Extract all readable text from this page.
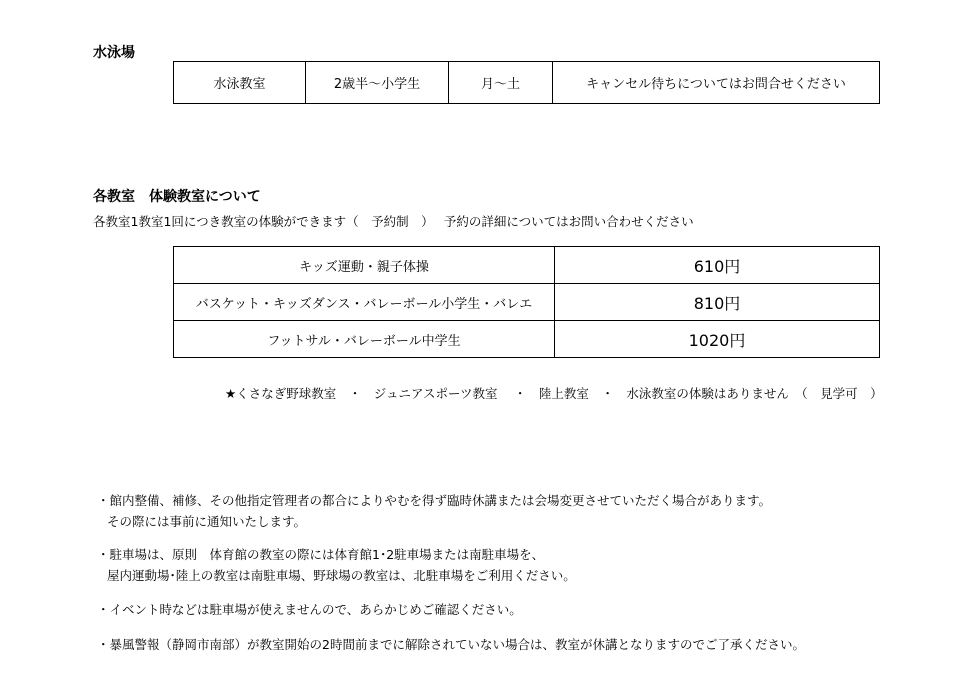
水泳場
水泳教室	2歳半〜小学生	月〜土	キャンセル待ちについてはお問合せください
各教室　体験教室について
各教室1教室1回につき教室の体験ができます（　予約制　）　 予約の詳細についてはお問い合わせください
キッズ運動・親子体操	610円
バスケット・キッズダンス・バレーボール小学生・バレエ	810円
フットサル・バレーボール中学生	1020円
★くさなぎ野球教室　・　ジュニアスポーツ教室　 ・　陸上教室　・　水泳教室の体験はありません　（　見学可　）
・館内整備、補修、その他指定管理者の都合によりやむを得ず臨時休講または会場変更させていただく場合があります。
その際には事前に通知いたします。
・駐車場は、原則　体育館の教室の際には体育館1･2駐車場または南駐車場を、
屋内運動場･陸上の教室は南駐車場、野球場の教室は、北駐車場をご利用ください。
・イベント時などは駐車場が使えませんので、あらかじめご確認ください。
・暴風警報（静岡市南部）が教室開始の2時間前までに解除されていない場合は、教室が休講となりますのでご了承ください。
